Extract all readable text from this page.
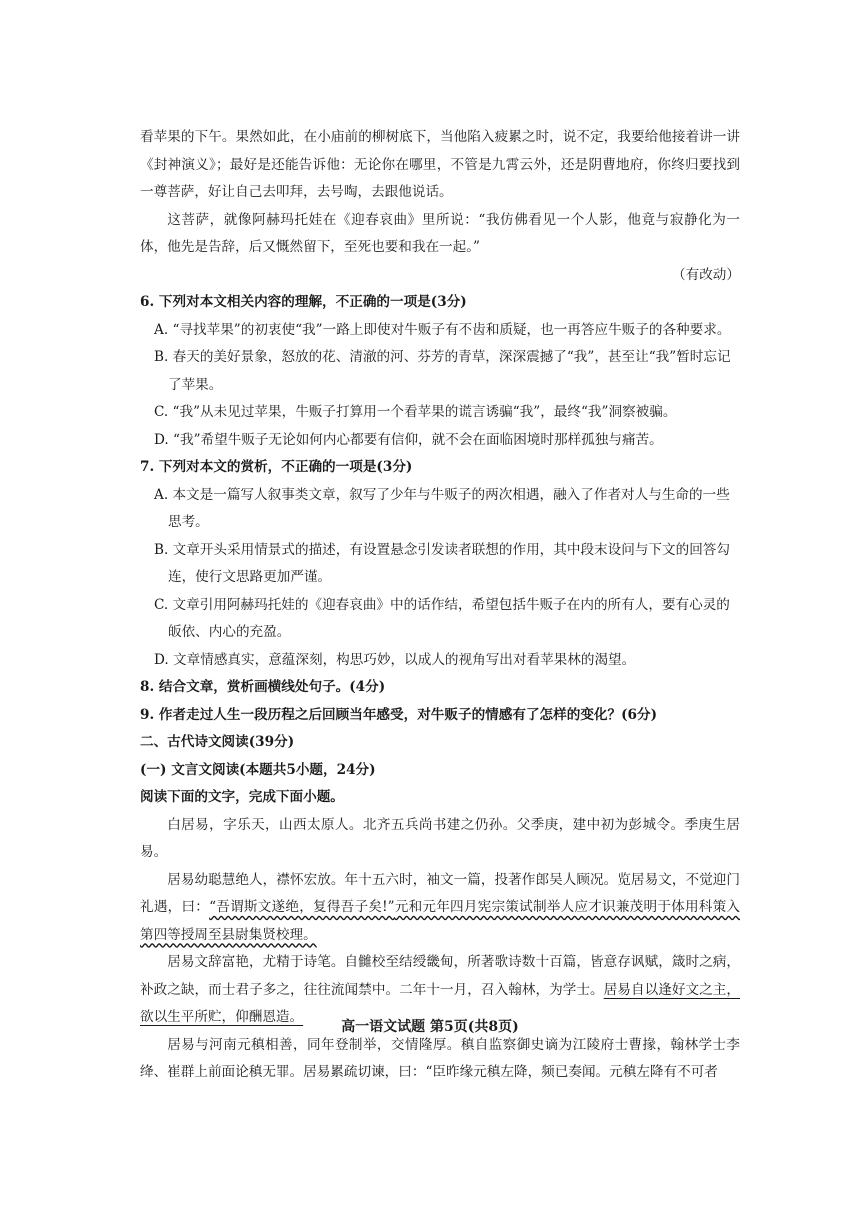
看苹果的下午。果然如此，在小庙前的柳树底下，当他陷入疲累之时，说不定，我要给他接着讲一讲《封神演义》；最好是还能告诉他：无论你在哪里，不管是九霄云外，还是阴曹地府，你终归要找到一尊菩萨，好让自己去叩拜，去号啕，去跟他说话。

这菩萨，就像阿赫玛托娃在《迎春哀曲》里所说：“我仿佛看见一个人影，他竟与寂静化为一体，他先是告辞，后又慨然留下，至死也要和我在一起。”

（有改动）

6. 下列对本文相关内容的理解，不正确的一项是(3分)

A. “寻找苹果”的初衷使“我”一路上即使对牛贩子有不齿和质疑，也一再答应牛贩子的各种要求。

B. 春天的美好景象，怒放的花、清澈的河、芬芳的青草，深深震撼了“我”，甚至让“我”暂时忘记了苹果。

C. “我”从未见过苹果，牛贩子打算用一个看苹果的谎言诱骗“我”，最终“我”洞察被骗。

D. “我”希望牛贩子无论如何内心都要有信仰，就不会在面临困境时那样孤独与痛苦。

7. 下列对本文的赏析，不正确的一项是(3分)

A. 本文是一篇写人叙事类文章，叙写了少年与牛贩子的两次相遇，融入了作者对人与生命的一些思考。

B. 文章开头采用情景式的描述，有设置悬念引发读者联想的作用，其中段末设问与下文的回答勾连，使行文思路更加严谨。

C. 文章引用阿赫玛托娃的《迎春哀曲》中的话作结，希望包括牛贩子在内的所有人，要有心灵的皈依、内心的充盈。

D. 文章情感真实，意蕴深刻，构思巧妙，以成人的视角写出对看苹果林的渴望。

8. 结合文章，赏析画横线处句子。(4分)

9. 作者走过人生一段历程之后回顾当年感受，对牛贩子的情感有了怎样的变化？(6分)

二、古代诗文阅读(39分)

(一) 文言文阅读(本题共5小题，24分)

阅读下面的文字，完成下面小题。

白居易，字乐天，山西太原人。北齐五兵尚书建之仍孙。父季庚，建中初为彭城令。季庚生居易。

居易幼聪慧绝人，襟怀宏放。年十五六时，袖文一篇，投著作郎吴人顾况。览居易文，不觉迎门礼遇，曰：“吾谓斯文遂绝，复得吾子矣!”元和元年四月宪宗策试制举人应才识兼茂明于体用科策入第四等授周至县尉集贤校理。

居易文辞富艳，尤精于诗笔。自雠校至结绶畿甸，所著歌诗数十百篇，皆意存讽赋，箴时之病，补政之缺，而士君子多之，往往流闻禁中。二年十一月，召入翰林，为学士。居易自以逢好文之主，欲以生平所贮，仰酬恩造。

居易与河南元稹相善，同年登制举，交情隆厚。稹自监察御史谪为江陵府士曹掾，翰林学士李绛、崔群上前面论稹无罪。居易累疏切谏，曰：“臣昨缘元稹左降，频已奏闻。元稹左降有不可者

高一语文试题 第5页(共8页)
